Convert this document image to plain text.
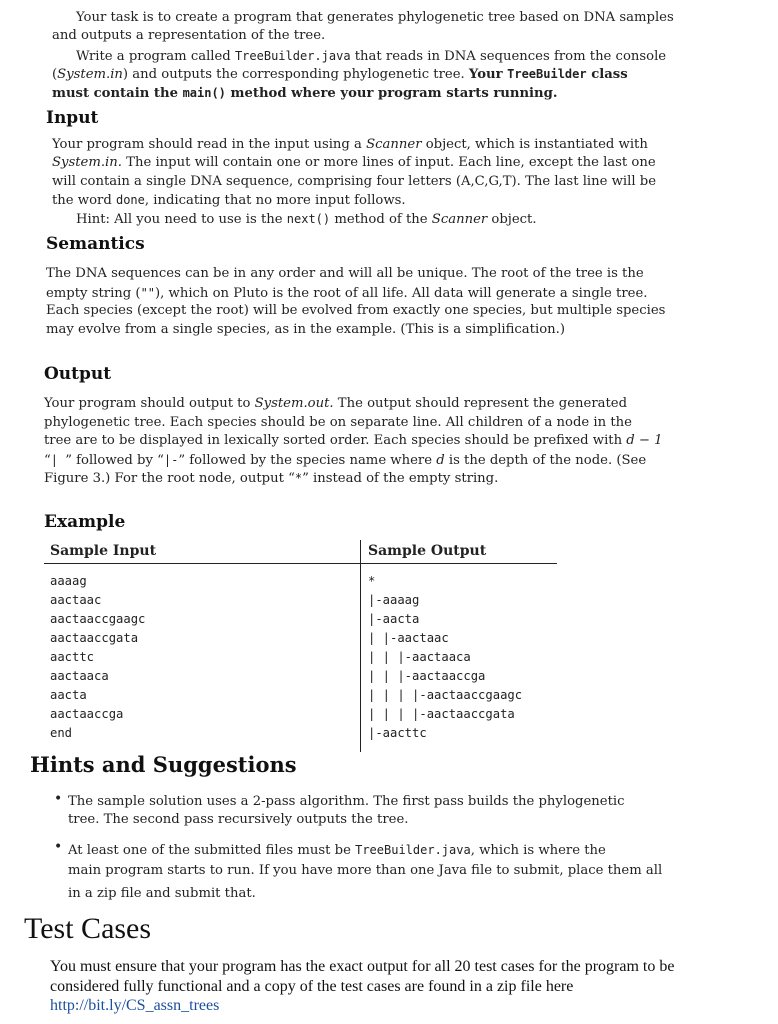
Your task is to create a program that generates phylogenetic tree based on DNA samples
and outputs a representation of the tree.
Write a program called TreeBuilder.java that reads in DNA sequences from the console
(System.in) and outputs the corresponding phylogenetic tree. Your TreeBuilder class
must contain the main() method where your program starts running.
Input
Your program should read in the input using a Scanner object, which is instantiated with
System.in. The input will contain one or more lines of input. Each line, except the last one
will contain a single DNA sequence, comprising four letters (A,C,G,T). The last line will be
the word done, indicating that no more input follows.
Hint: All you need to use is the next() method of the Scanner object.
Semantics
The DNA sequences can be in any order and will all be unique. The root of the tree is the
empty string (""), which on Pluto is the root of all life. All data will generate a single tree.
Each species (except the root) will be evolved from exactly one species, but multiple species
may evolve from a single species, as in the example. (This is a simplification.)
Output
Your program should output to System.out. The output should represent the generated
phylogenetic tree. Each species should be on separate line. All children of a node in the
tree are to be displayed in lexically sorted order. Each species should be prefixed with d − 1
“| ” followed by “|-” followed by the species name where d is the depth of the node. (See
Figure 3.) For the root node, output “*” instead of the empty string.
Example
Sample Input	Sample Output
aaaag
aactaac
aactaaccgaagc
aactaaccgata
aacttc
aactaaca
aacta
aactaaccga
end
*
|-aaaag
|-aacta
| |-aactaac
| | |-aactaaca
| | |-aactaaccga
| | | |-aactaaccgaagc
| | | |-aactaaccgata
|-aacttc
Hints and Suggestions
• The sample solution uses a 2-pass algorithm. The first pass builds the phylogenetic
tree. The second pass recursively outputs the tree.
• At least one of the submitted files must be TreeBuilder.java, which is where the
main program starts to run. If you have more than one Java file to submit, place them all
in a zip file and submit that.
Test Cases
You must ensure that your program has the exact output for all 20 test cases for the program to be
considered fully functional and a copy of the test cases are found in a zip file here
http://bit.ly/CS_assn_trees
